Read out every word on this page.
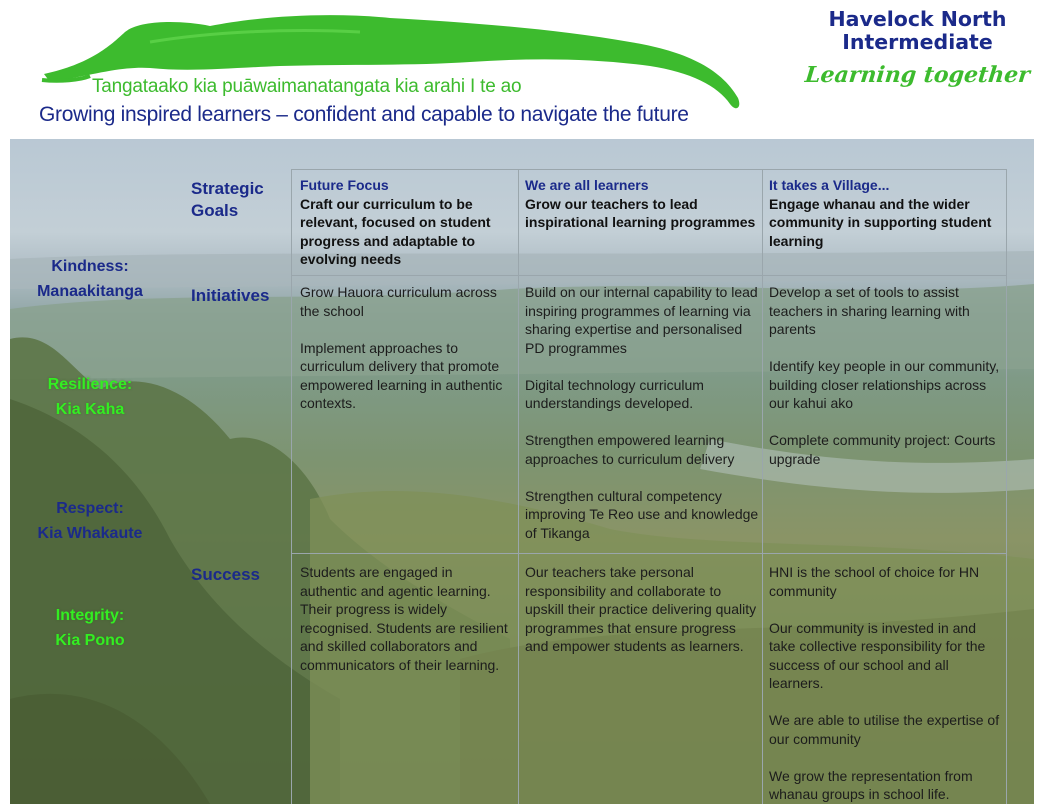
Tangataako kia puāwaimanatangata kia arahi I te ao
Growing inspired learners – confident and capable to navigate the future
Havelock North
Intermediate
Learning together
Kindness:
Manaakitanga
Resilience:
Kia Kaha
Respect:
Kia Whakaute
Integrity:
Kia Pono
Strategic
Goals
Initiatives
Success
Future Focus
Craft our curriculum to be relevant, focused on student progress and adaptable to evolving needs
We are all learners
Grow our teachers to lead inspirational learning programmes
It takes a Village...
Engage whanau and the wider community in supporting student learning

Grow Hauora curriculum across the school

Implement approaches to curriculum delivery that promote empowered learning in authentic contexts.

Build on our internal capability to lead inspiring programmes of learning via sharing expertise and personalised PD programmes

Digital technology curriculum understandings developed.

Strengthen empowered learning approaches to curriculum delivery

Strengthen cultural competency improving Te Reo use and knowledge of Tikanga

Develop a set of tools to assist teachers in sharing learning with parents

Identify key people in our community, building closer relationships across our kahui ako

Complete community project: Courts upgrade

Students are engaged in authentic and agentic learning. Their progress is widely recognised. Students are resilient and skilled collaborators and communicators of their learning.

Our teachers take personal responsibility and collaborate to upskill their practice delivering quality programmes that ensure progress and empower students as learners.

HNI is the school of choice for HN community

Our community is invested in and take collective responsibility for the success of our school and all learners.

We are able to utilise the expertise of our community

We grow the representation from whanau groups in school life.
